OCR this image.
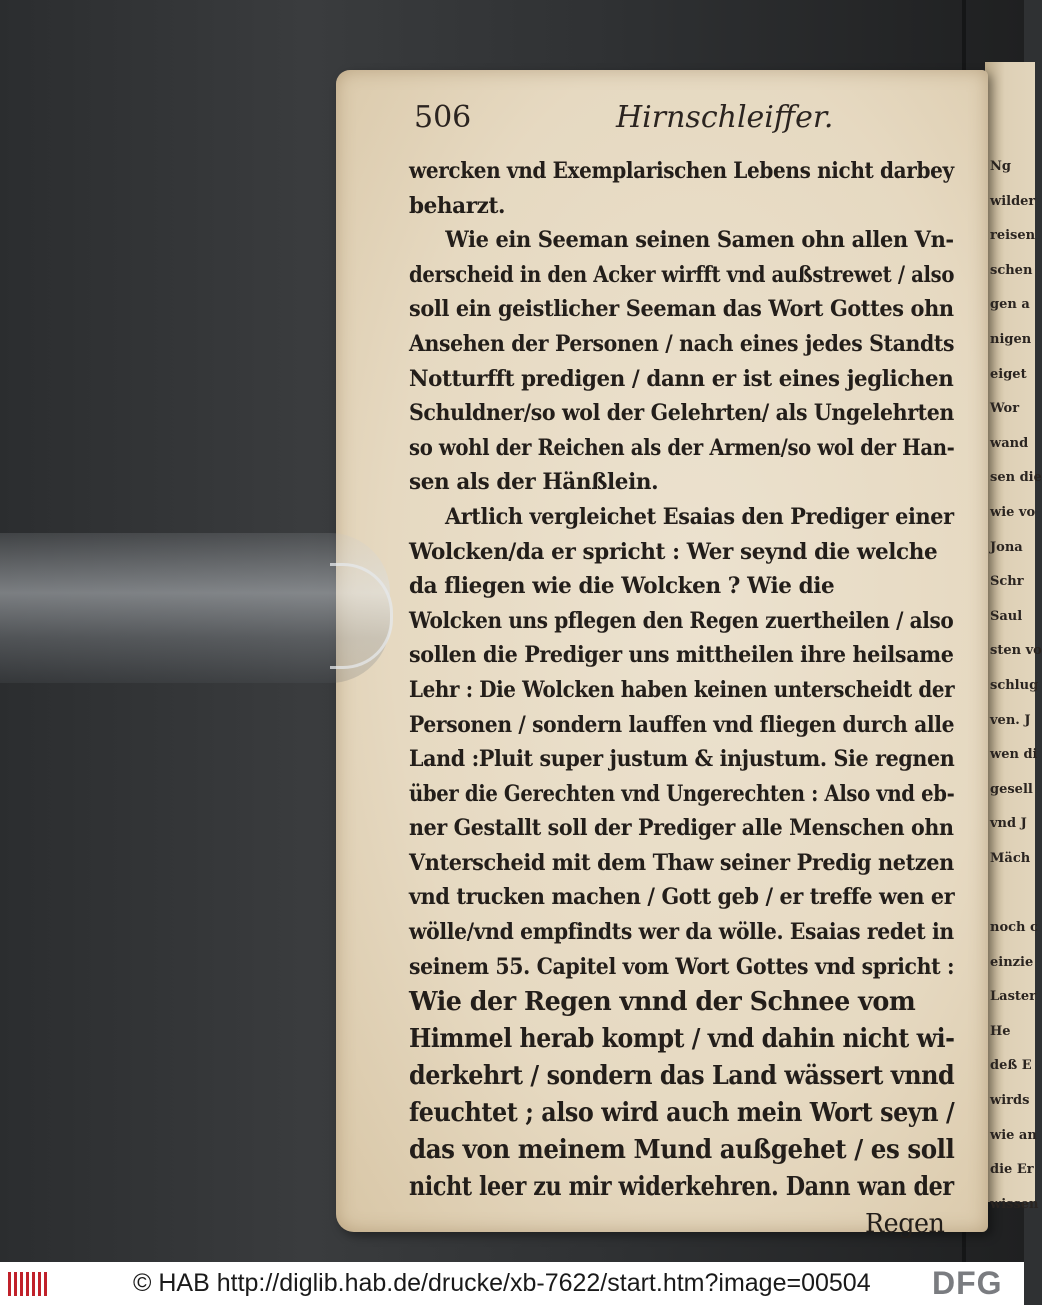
506	Hirnschleiffer.
wercken vnd Exemplarischen Lebens nicht darbey
beharzt.
Wie ein Seeman seinen Samen ohn allen Vn-
derscheid in den Acker wirfft vnd außstrewet / also
soll ein geistlicher Seeman das Wort Gottes ohn
Ansehen der Personen / nach eines jedes Standts
Notturfft predigen / dann er ist eines jeglichen
Schuldner/so wol der Gelehrten/ als Ungelehrten
so wohl der Reichen als der Armen/so wol der Han-
sen als der Hänßlein.
Artlich vergleichet Esaias den Prediger einer
Wolcken/da er spricht : Wer seynd die welche
da fliegen wie die Wolcken ? Wie die
Wolcken uns pflegen den Regen zuertheilen / also
sollen die Prediger uns mittheilen ihre heilsame
Lehr : Die Wolcken haben keinen unterscheidt der
Personen / sondern lauffen vnd fliegen durch alle
Land :Pluit super justum & injustum. Sie regnen
über die Gerechten vnd Ungerechten : Also vnd eb-
ner Gestallt soll der Prediger alle Menschen ohn
Vnterscheid mit dem Thaw seiner Predig netzen
vnd trucken machen / Gott geb / er treffe wen er
wölle/vnd empfindts wer da wölle. Esaias redet in
seinem 55. Capitel vom Wort Gottes vnd spricht :
Wie der Regen vnnd der Schnee vom
Himmel herab kompt / vnd dahin nicht wi-
derkehrt / sondern das Land wässert vnnd
feuchtet ; also wird auch mein Wort seyn /
das von meinem Mund außgehet / es soll
nicht leer zu mir widerkehren. Dann wan der
Regen
Ng
wilder
reisen
schen
gen a
nigen
eiget
Wor
wand
sen die
wie vo
Jona
Schr
Saul
sten vo
schlug
ven. J
wen di
gesell
vnd J
Mäch
noch c
einzie
Laster
He
deß E
wirds
wie an
die Er
wissen
© HAB http://diglib.hab.de/drucke/xb-7622/start.htm?image=00504 DFG
